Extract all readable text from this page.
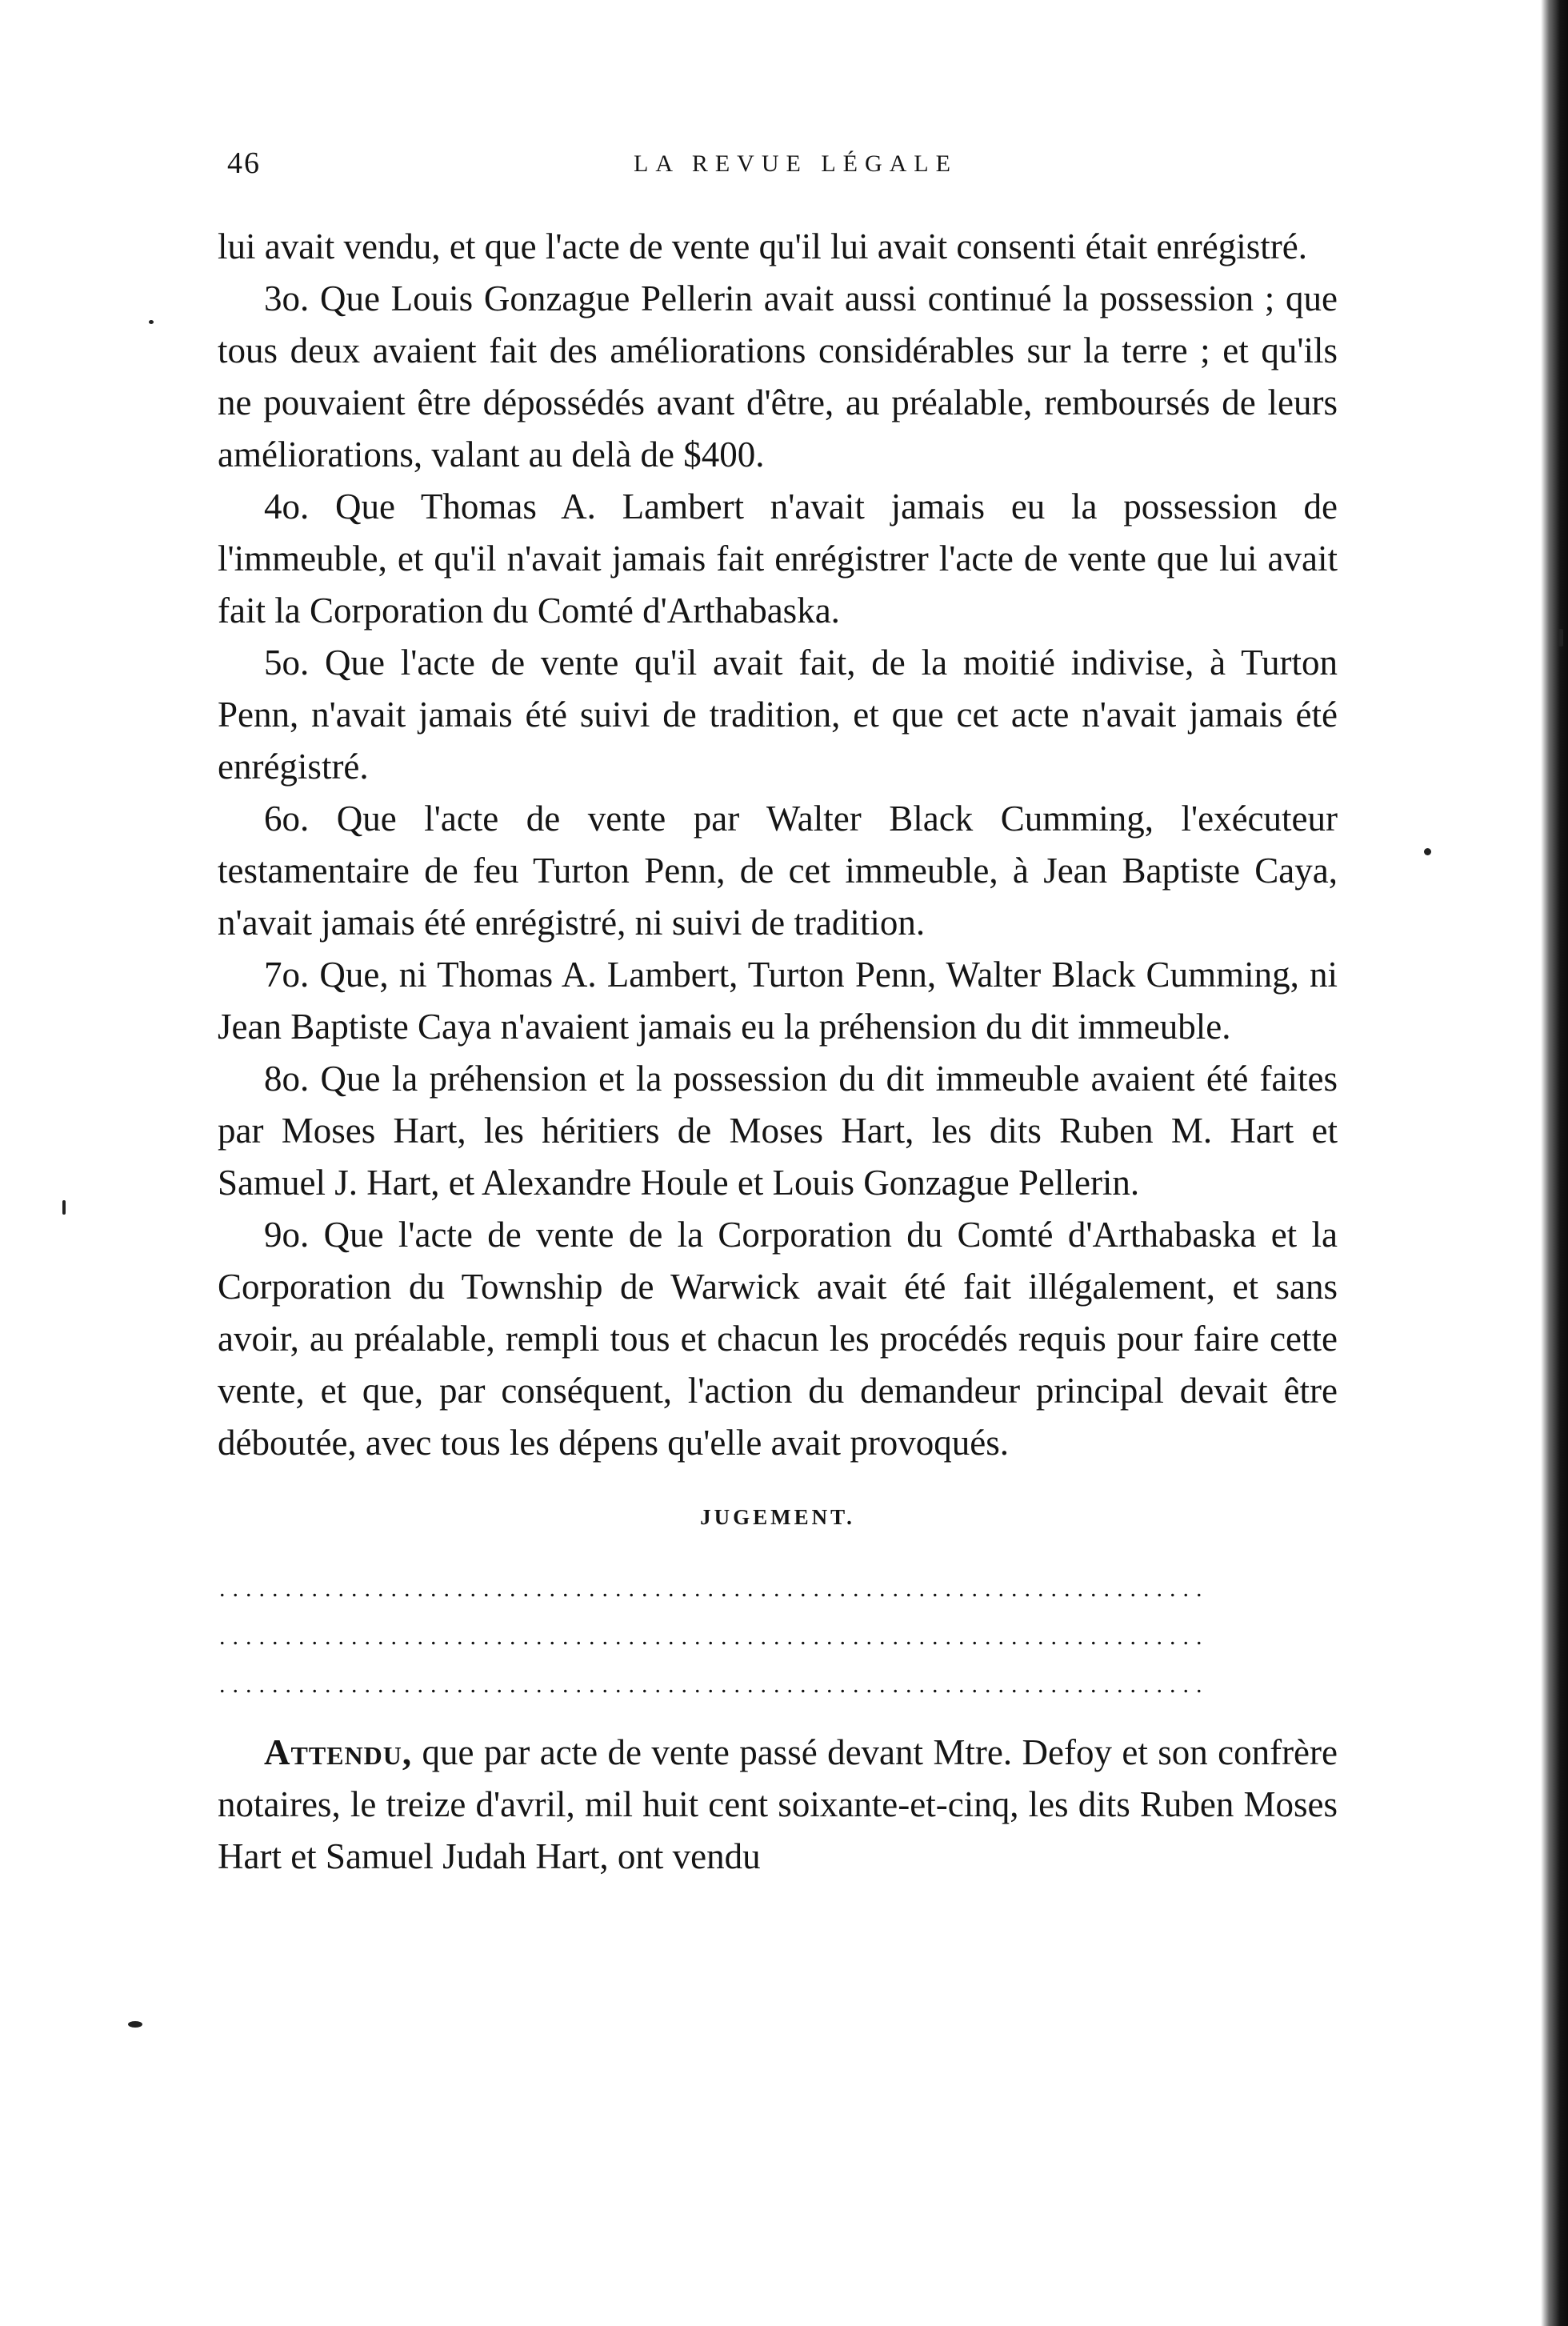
46	LA REVUE LÉGALE

lui avait vendu, et que l'acte de vente qu'il lui avait consenti était enrégistré.

3o. Que Louis Gonzague Pellerin avait aussi continué la possession ; que tous deux avaient fait des améliorations considérables sur la terre ; et qu'ils ne pouvaient être dépossédés avant d'être, au préalable, remboursés de leurs améliorations, valant au delà de $400.

4o. Que Thomas A. Lambert n'avait jamais eu la possession de l'immeuble, et qu'il n'avait jamais fait enrégistrer l'acte de vente que lui avait fait la Corporation du Comté d'Arthabaska.

5o. Que l'acte de vente qu'il avait fait, de la moitié indivise, à Turton Penn, n'avait jamais été suivi de tradition, et que cet acte n'avait jamais été enrégistré.

6o. Que l'acte de vente par Walter Black Cumming, l'exécuteur testamentaire de feu Turton Penn, de cet immeuble, à Jean Baptiste Caya, n'avait jamais été enrégistré, ni suivi de tradition.

7o. Que, ni Thomas A. Lambert, Turton Penn, Walter Black Cumming, ni Jean Baptiste Caya n'avaient jamais eu la préhension du dit immeuble.

8o. Que la préhension et la possession du dit immeuble avaient été faites par Moses Hart, les héritiers de Moses Hart, les dits Ruben M. Hart et Samuel J. Hart, et Alexandre Houle et Louis Gonzague Pellerin.

9o. Que l'acte de vente de la Corporation du Comté d'Arthabaska et la Corporation du Township de Warwick avait été fait illégalement, et sans avoir, au préalable, rempli tous et chacun les procédés requis pour faire cette vente, et que, par conséquent, l'action du demandeur principal devait être déboutée, avec tous les dépens qu'elle avait provoqués.

JUGEMENT.
...........................................................................
...........................................................................
...........................................................................

Attendu, que par acte de vente passé devant Mtre. Defoy et son confrère notaires, le treize d'avril, mil huit cent soixante-et-cinq, les dits Ruben Moses Hart et Samuel Judah Hart, ont vendu
